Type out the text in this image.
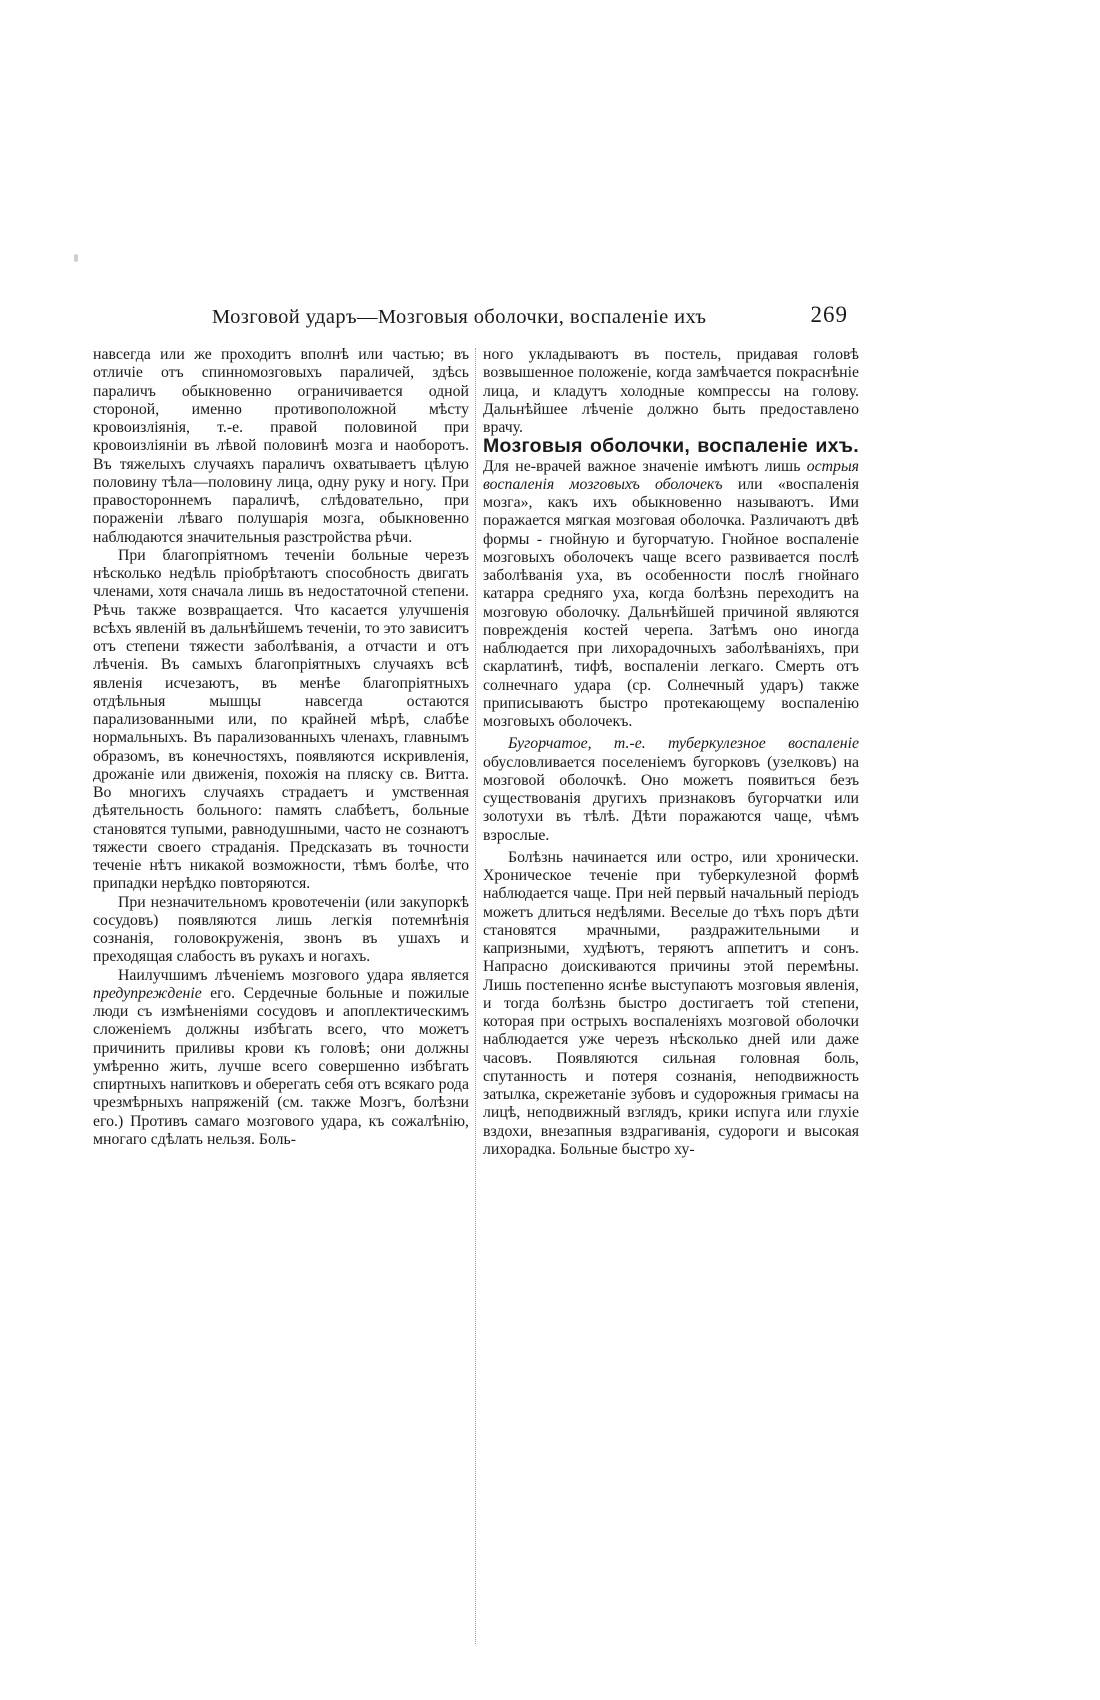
Мозговой ударъ—Мозговыя оболочки, воспаленіе ихъ	269

навсегда или же проходитъ вполнѣ или частью; въ отличіе отъ спинномозговыхъ параличей, здѣсь параличъ обыкновенно ограничивается одной стороной, именно противоположной мѣсту кровоизліянія, т.-е. правой половиной при кровоизліяніи въ лѣвой половинѣ мозга и наоборотъ. Въ тяжелыхъ случаяхъ параличъ охватываетъ цѣлую половину тѣла—половину лица, одну руку и ногу. При правостороннемъ параличѣ, слѣдовательно, при пораженіи лѣваго полушарія мозга, обыкновенно наблюдаются значительныя разстройства рѣчи.

При благопріятномъ теченіи больные черезъ нѣсколько недѣль пріобрѣтаютъ способность двигать членами, хотя сначала лишь въ недостаточной степени. Рѣчь также возвращается. Что касается улучшенія всѣхъ явленій въ дальнѣйшемъ теченіи, то это зависитъ отъ степени тяжести заболѣванія, а отчасти и отъ лѣченія. Въ самыхъ благопріятныхъ случаяхъ всѣ явленія исчезаютъ, въ менѣе благопріятныхъ отдѣльныя мышцы навсегда остаются парализованными или, по крайней мѣрѣ, слабѣе нормальныхъ. Въ парализованныхъ членахъ, главнымъ образомъ, въ конечностяхъ, появляются искривленія, дрожаніе или движенія, похожія на пляску св. Витта. Во многихъ случаяхъ страдаетъ и умственная дѣятельность больного: память слабѣетъ, больные становятся тупыми, равнодушными, часто не сознаютъ тяжести своего страданія. Предсказать въ точности теченіе нѣтъ никакой возможности, тѣмъ болѣе, что припадки нерѣдко повторяются.

При незначительномъ кровотеченіи (или закупоркѣ сосудовъ) появляются лишь легкія потемнѣнія сознанія, головокруженія, звонъ въ ушахъ и преходящая слабость въ рукахъ и ногахъ.

Наилучшимъ лѣченіемъ мозгового удара является предупрежденіе его. Сердечные больные и пожилые люди съ измѣненіями сосудовъ и апоплектическимъ сложеніемъ должны избѣгать всего, что можетъ причинить приливы крови къ головѣ; они должны умѣренно жить, лучше всего совершенно избѣгать спиртныхъ напитковъ и оберегать себя отъ всякаго рода чрезмѣрныхъ напряженій (см. также Мозгъ, болѣзни его.) Противъ самаго мозгового удара, къ сожалѣнію, многаго сдѣлать нельзя. Боль-

ного укладываютъ въ постель, придавая головѣ возвышенное положеніе, когда замѣчается покраснѣніе лица, и кладутъ холодные компрессы на голову. Дальнѣйшее лѣченіе должно быть предоставлено врачу.

Мозговыя оболочки, воспаленіе ихъ. Для не-врачей важное значеніе имѣютъ лишь острыя воспаленія мозговыхъ оболочекъ или «воспаленія мозга», какъ ихъ обыкновенно называютъ. Ими поражается мягкая мозговая оболочка. Различаютъ двѣ формы - гнойную и бугорчатую. Гнойное воспаленіе мозговыхъ оболочекъ чаще всего развивается послѣ заболѣванія уха, въ особенности послѣ гнойнаго катарра средняго уха, когда болѣзнь переходитъ на мозговую оболочку. Дальнѣйшей причиной являются поврежденія костей черепа. Затѣмъ оно иногда наблюдается при лихорадочныхъ заболѣваніяхъ, при скарлатинѣ, тифѣ, воспаленіи легкаго. Смерть отъ солнечнаго удара (ср. Солнечный ударъ) также приписываютъ быстро протекающему воспаленію мозговыхъ оболочекъ.

Бугорчатое, т.-е. туберкулезное воспаленіе обусловливается поселеніемъ бугорковъ (узелковъ) на мозговой оболочкѣ. Оно можетъ появиться безъ существованія другихъ признаковъ бугорчатки или золотухи въ тѣлѣ. Дѣти поражаются чаще, чѣмъ взрослые.

Болѣзнь начинается или остро, или хронически. Хроническое теченіе при туберкулезной формѣ наблюдается чаще. При ней первый начальный періодъ можетъ длиться недѣлями. Веселые до тѣхъ поръ дѣти становятся мрачными, раздражительными и капризными, худѣютъ, теряютъ аппетитъ и сонъ. Напрасно доискиваются причины этой перемѣны. Лишь постепенно яснѣе выступаютъ мозговыя явленія, и тогда болѣзнь быстро достигаетъ той степени, которая при острыхъ воспаленіяхъ мозговой оболочки наблюдается уже черезъ нѣсколько дней или даже часовъ. Появляются сильная головная боль, спутанность и потеря сознанія, неподвижность затылка, скрежетаніе зубовъ и судорожныя гримасы на лицѣ, неподвижный взглядъ, крики испуга или глухіе вздохи, внезапныя вздрагиванія, судороги и высокая лихорадка. Больные быстро ху-
